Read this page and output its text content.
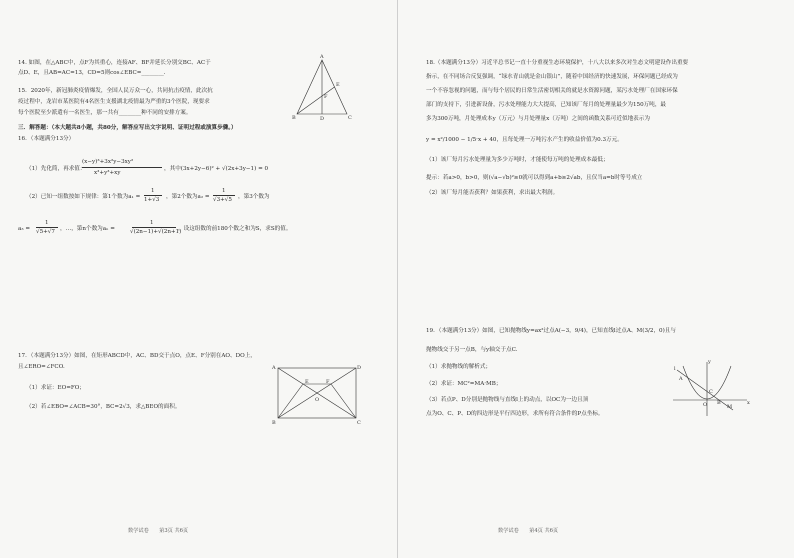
14. 如图，在△ABC中，点F为其重心，连接AF、BF并延长分别交BC、AC于
点D、E，且AB=AC=13，CD=5则cos∠EBC=________.
15．2020年，新冠肺炎疫情爆发，全国人民万众一心，共同抗击疫情，此次抗
疫过程中，龙岩市某医院有4名医生支援湖北疫情最为严重的3个医院，现要求
每个医院至少派遣有一名医生，那一共有________种不同的安排方案。
A
B	C
D
E
F
三．解答题：（本大题共8小题，共80分，解答应写出文字说明、证明过程或演算步骤。）
16．（本题满分13分）
（1）先化简，再求值：
(x−y)³+3x²y−3xy²
x³+y³+xy
，其中(3x+2y−6)² + √(2x+3y−1) = 0
（2）已知一组数按如下规律：第1个数为a₁ =
1
1+√3 ，第2个数为a₂ =
1
√3+√5 ，第3个数为
a₃ =
1
√5+√7 ，…，第n个数为aₙ =
1
√(2n−1)+√(2n+1)
，设这组数的前180个数之和为S，求S的值。
17．（本题满分13分）如图，在矩形ABCD中，AC、BD交于点O，点E、F分别在AO、DO上，
且∠ERO=∠FCO.
（1）求证：EO=FO；
（2）若∠EBO=∠ACB=30°，BC=2√3，求△BEO的面积。
A
B	C
D
E	F
O
数学试卷　　第3页 共6页
18.（本题满分13分）习近平总书记一直十分重视生态环境保护，十八大以来多次对生态文明建设作出重要
指示，在不同场合反复强调，“绿水青山就是金山银山”，随着中国经济的快速发展，环保问题已经成为
一个不容忽视的问题，而与每个居民的日常生活密切相关的就是水资源问题，某污水处理厂在国家环保
部门的支持下，引进新设备，污水处理能力大大提高，已知该厂每月的处理量最少为150万吨，最
多为300万吨，月处理成本y（万元）与月处理量x（万吨）之间的函数关系可近似地表示为
y = x²/1000 − 1/5·x + 40，且每处理一万吨污水产生的收益价值为0.3万元。
（1）该厂每月污水处理量为多少万吨时，才能使每万吨的处理成本最低；
提示：若a>0，b>0，则(√a−√b)²≥0就可以得到a+b≥2√ab，且仅当a=b时等号成立
（2）该厂每月能否获利？如果获利，求出最大利润。
19．（本题满分13分）如图，已知抛物线y=ax²过点A(−3，9/4)，已知直线l过点A、M(3/2，0)且与
抛物线交于另一点B，与y轴交于点C.
（1）求抛物线的解析式；
（2）求证：MC²=MA·MB；
（3）若点P、D分别是抛物线与直线l上的动点，以OC为一边且顶
点为O、C、P、D的四边形是平行四边形，求所有符合条件的P点坐标。
y
x
l
A
B
C
O	M
数学试卷　　第4页 共6页
